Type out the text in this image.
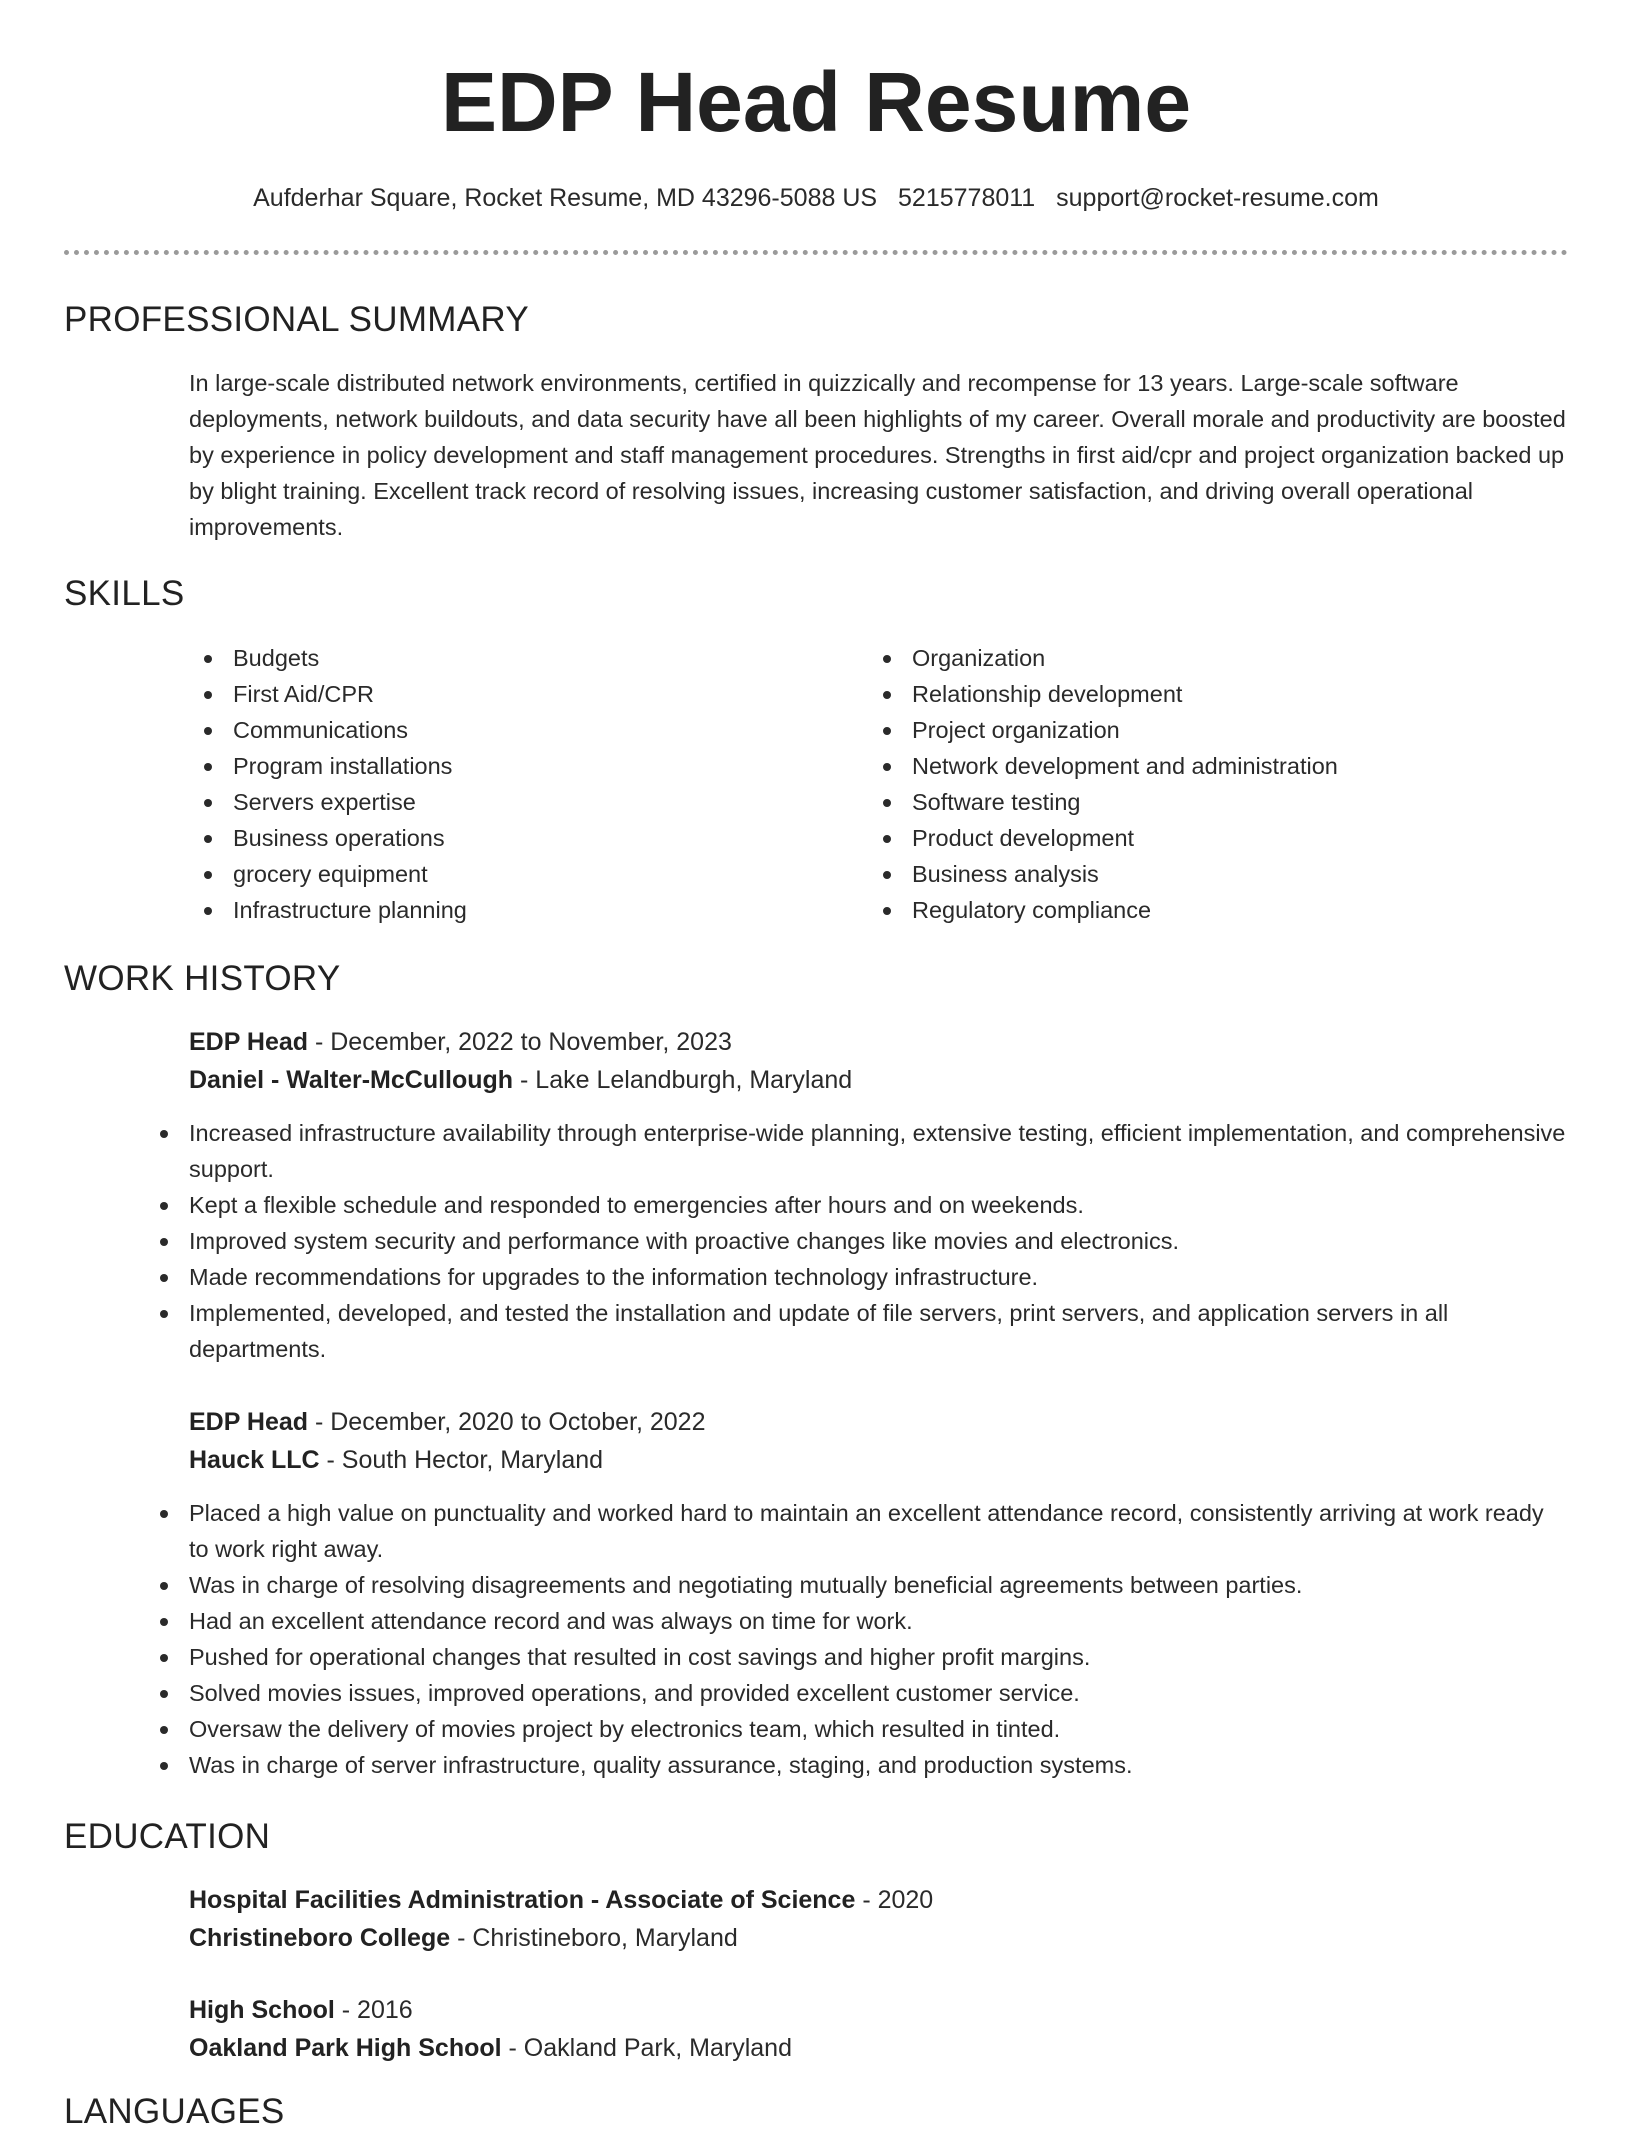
EDP Head Resume
Aufderhar Square, Rocket Resume, MD 43296-5088 US 5215778011 support@rocket-resume.com
PROFESSIONAL SUMMARY

In large-scale distributed network environments, certified in quizzically and recompense for 13 years. Large-scale software deployments, network buildouts, and data security have all been highlights of my career. Overall morale and productivity are boosted by experience in policy development and staff management procedures. Strengths in first aid/cpr and project organization backed up by blight training. Excellent track record of resolving issues, increasing customer satisfaction, and driving overall operational improvements.

SKILLS
Budgets
First Aid/CPR
Communications
Program installations
Servers expertise
Business operations
grocery equipment
Infrastructure planning
Organization
Relationship development
Project organization
Network development and administration
Software testing
Product development
Business analysis
Regulatory compliance
WORK HISTORY
EDP Head - December, 2022 to November, 2023
Daniel - Walter-McCullough - Lake Lelandburgh, Maryland
Increased infrastructure availability through enterprise-wide planning, extensive testing, efficient implementation, and comprehensive support.
Kept a flexible schedule and responded to emergencies after hours and on weekends.
Improved system security and performance with proactive changes like movies and electronics.
Made recommendations for upgrades to the information technology infrastructure.
Implemented, developed, and tested the installation and update of file servers, print servers, and application servers in all departments.
EDP Head - December, 2020 to October, 2022
Hauck LLC - South Hector, Maryland
Placed a high value on punctuality and worked hard to maintain an excellent attendance record, consistently arriving at work ready to work right away.
Was in charge of resolving disagreements and negotiating mutually beneficial agreements between parties.
Had an excellent attendance record and was always on time for work.
Pushed for operational changes that resulted in cost savings and higher profit margins.
Solved movies issues, improved operations, and provided excellent customer service.
Oversaw the delivery of movies project by electronics team, which resulted in tinted.
Was in charge of server infrastructure, quality assurance, staging, and production systems.
EDUCATION
Hospital Facilities Administration - Associate of Science - 2020
Christineboro College - Christineboro, Maryland
High School - 2016
Oakland Park High School - Oakland Park, Maryland
LANGUAGES
